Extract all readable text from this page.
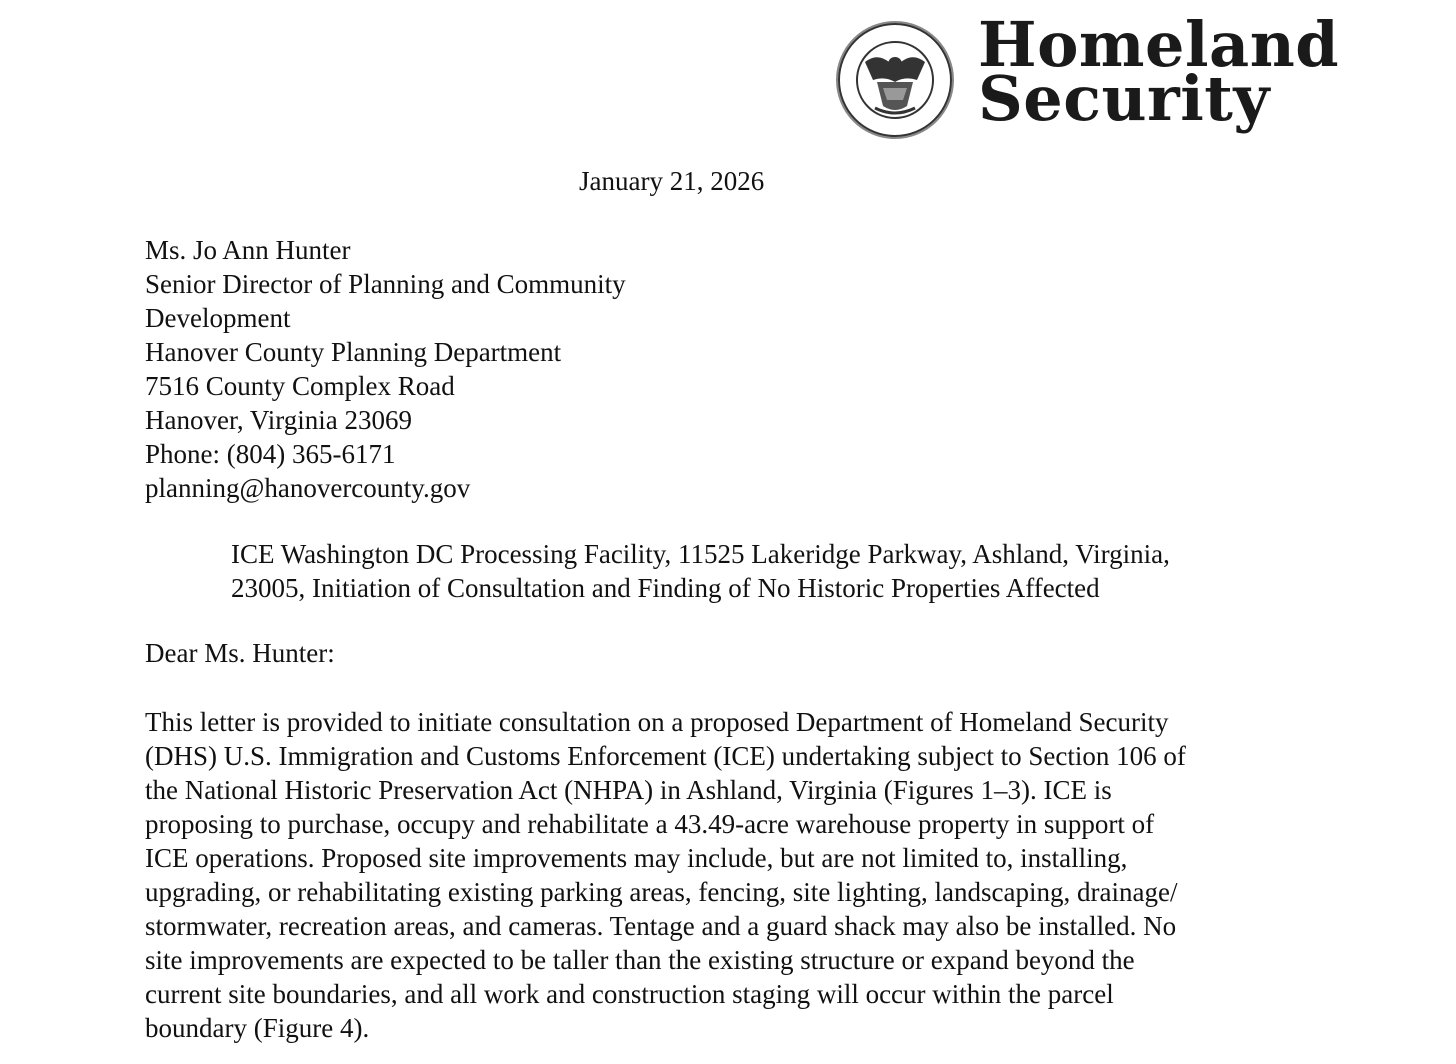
Homeland
Security
January 21, 2026
Ms. Jo Ann Hunter
Senior Director of Planning and Community
Development
Hanover County Planning Department
7516 County Complex Road
Hanover, Virginia 23069
Phone: (804) 365-6171
planning@hanovercounty.gov
ICE Washington DC Processing Facility, 11525 Lakeridge Parkway, Ashland, Virginia,
23005, Initiation of Consultation and Finding of No Historic Properties Affected
Dear Ms. Hunter:
This letter is provided to initiate consultation on a proposed Department of Homeland Security
(DHS) U.S. Immigration and Customs Enforcement (ICE) undertaking subject to Section 106 of
the National Historic Preservation Act (NHPA) in Ashland, Virginia (Figures 1–3). ICE is
proposing to purchase, occupy and rehabilitate a 43.49-acre warehouse property in support of
ICE operations. Proposed site improvements may include, but are not limited to, installing,
upgrading, or rehabilitating existing parking areas, fencing, site lighting, landscaping, drainage/
stormwater, recreation areas, and cameras. Tentage and a guard shack may also be installed. No
site improvements are expected to be taller than the existing structure or expand beyond the
current site boundaries, and all work and construction staging will occur within the parcel
boundary (Figure 4).
